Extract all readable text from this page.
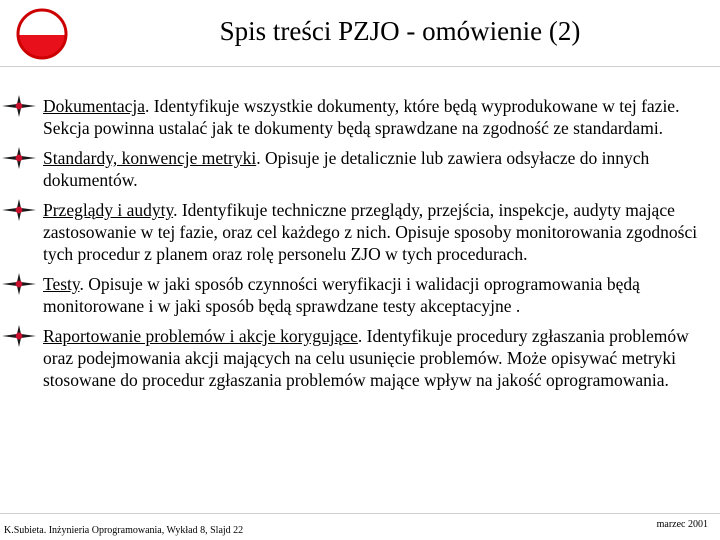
Spis treści PZJO - omówienie (2)
Dokumentacja. Identyfikuje wszystkie dokumenty, które będą wyprodukowane w tej fazie. Sekcja powinna ustalać jak te dokumenty będą sprawdzane na zgodność ze standardami.
Standardy, konwencje metryki. Opisuje je detalicznie lub zawiera odsyłacze do innych dokumentów.
Przeglądy i audyty. Identyfikuje techniczne przeglądy, przejścia, inspekcje, audyty mające zastosowanie w tej fazie, oraz cel każdego z nich. Opisuje sposoby monitorowania zgodności tych procedur z planem oraz rolę personelu ZJO w tych procedurach.
Testy. Opisuje w jaki sposób czynności weryfikacji i walidacji oprogramowania będą monitorowane i w jaki sposób będą sprawdzane testy akceptacyjne .
Raportowanie problemów i akcje korygujące. Identyfikuje procedury zgłaszania problemów oraz podejmowania akcji mających na celu usunięcie problemów. Może opisywać metryki stosowane do procedur zgłaszania problemów mające wpływ na jakość oprogramowania.
K.Subieta. Inżynieria Oprogramowania, Wykład 8, Slajd 22
marzec 2001
